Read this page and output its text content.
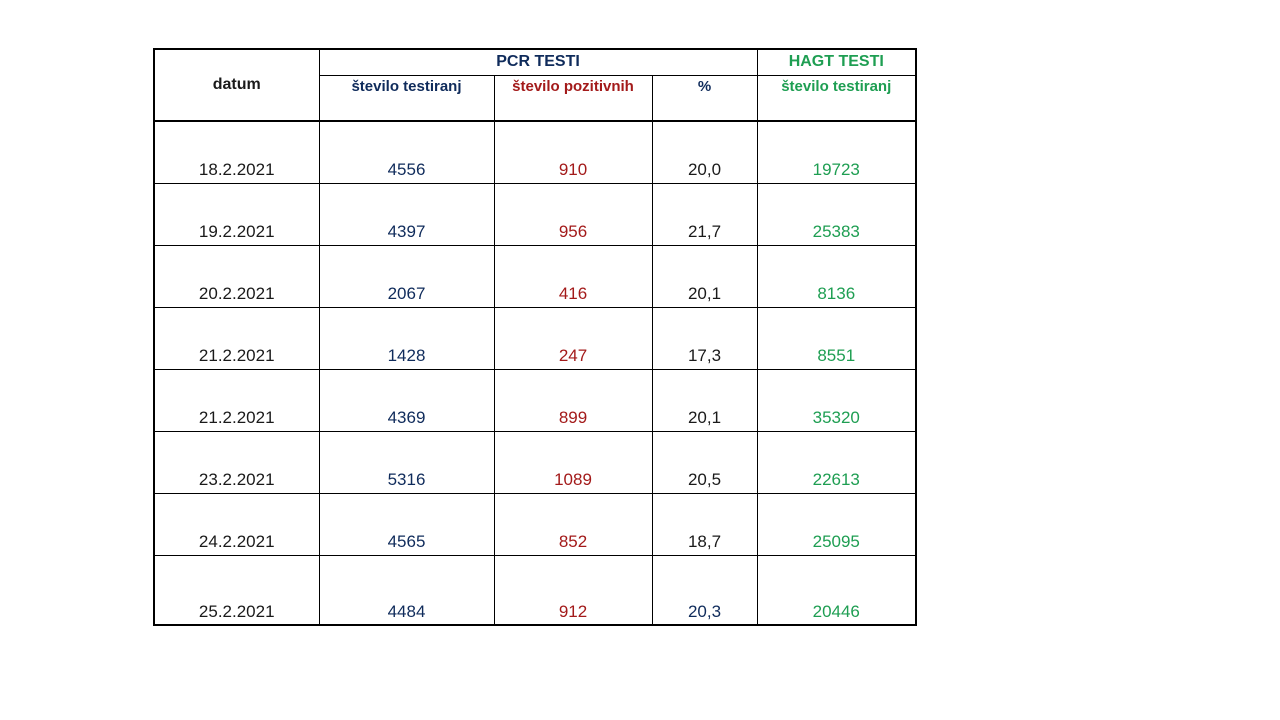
datum	PCR TESTI			HAGT TESTI
	število testiranj	število pozitivnih	%	število testiranj
18.2.2021	4556	910	20,0	19723
19.2.2021	4397	956	21,7	25383
20.2.2021	2067	416	20,1	8136
21.2.2021	1428	247	17,3	8551
21.2.2021	4369	899	20,1	35320
23.2.2021	5316	1089	20,5	22613
24.2.2021	4565	852	18,7	25095
25.2.2021	4484	912	20,3	20446
